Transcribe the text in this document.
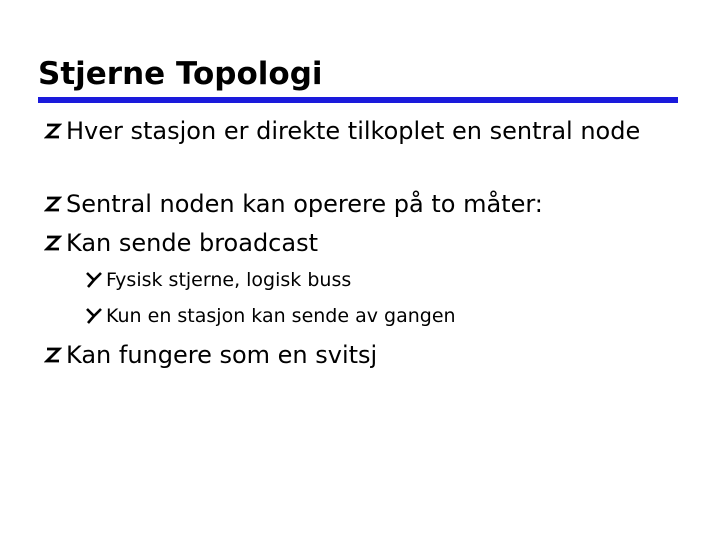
Stjerne Topologi
Hver stasjon er direkte tilkoplet en sentral node
Sentral noden kan operere på to måter:
Kan sende broadcast
Fysisk stjerne, logisk buss
Kun en stasjon kan sende av gangen
Kan fungere som en svitsj
